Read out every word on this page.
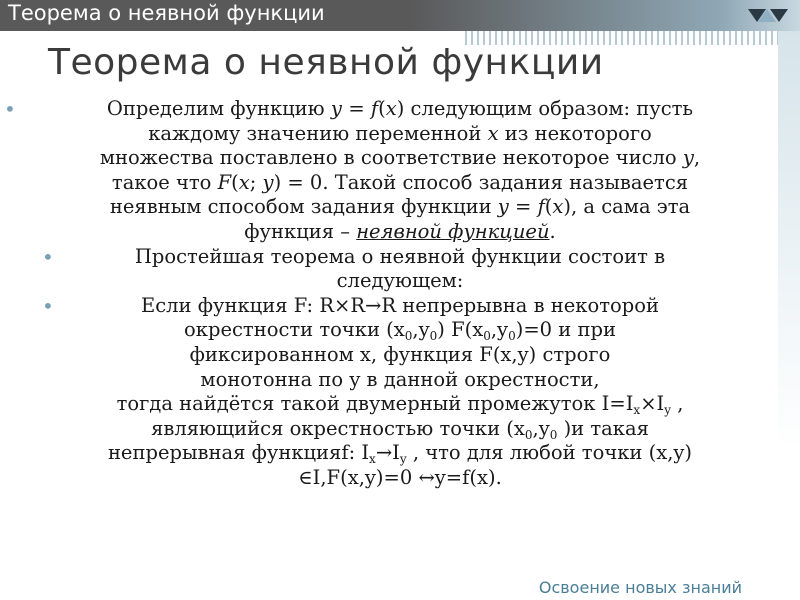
Теорема о неявной функции
Теорема о неявной функции

•	Определим функцию у = f(x) следующим образом: пусть
каждому значению переменной x из некоторого
множества поставлено в соответствие некоторое число y,
такое что F(x; y) = 0. Такой способ задания называется
неявным способом задания функции y = f(x), а сама эта
функция – неявной функцией.

•	Простейшая теорема о неявной функции состоит в
следующем:

•	Если функция F: R×R→R непрерывна в некоторой
окрестности точки $(x_0,y_0)$ $F(x_0,y_0)=0$ и при
фиксированном x, функция F(x,y) строго
монотонна по y в данной окрестности,
тогда найдётся такой двумерный промежуток $I=I_x\times I_y$ ,
являющийся окрестностью точки ($x_0,y_0$ )и такая
непрерывная функцияf: $I_x\to I_y$ , что для любой точки (x,y)
∈I,F(x,y)=0 ↔y=f(x).

Освоение новых знаний
